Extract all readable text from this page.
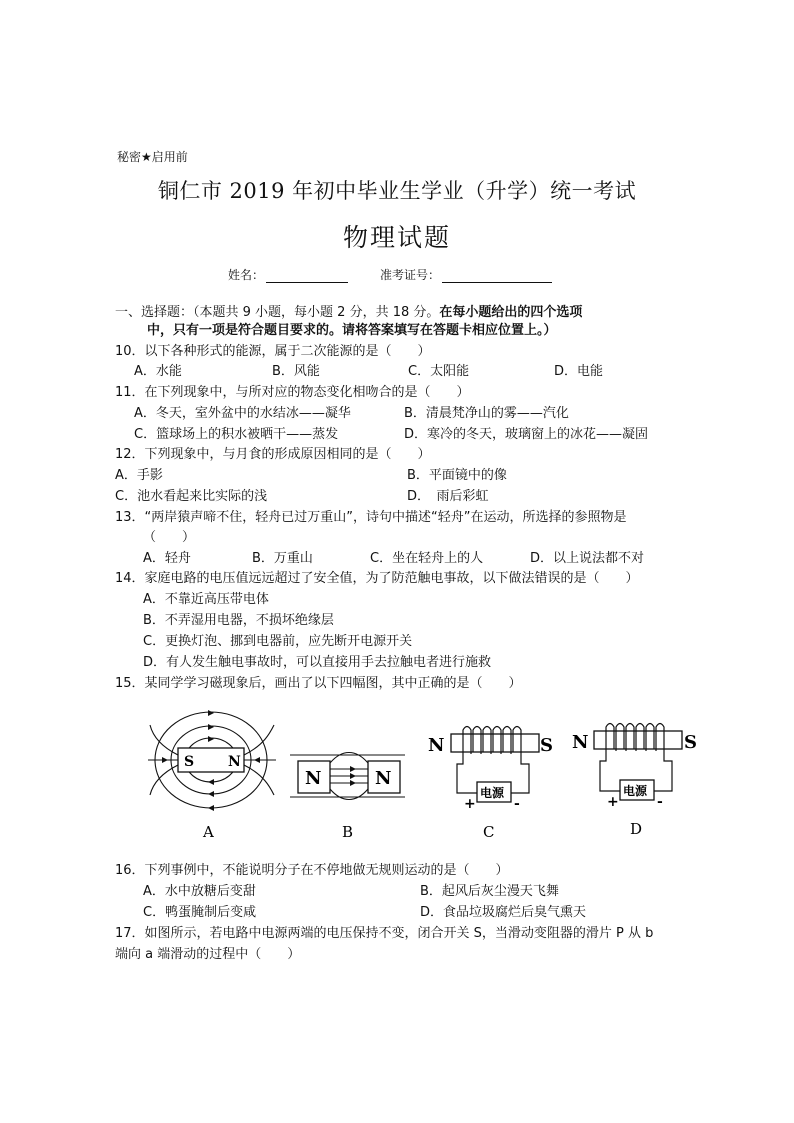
秘密★启用前
铜仁市 2019 年初中毕业生学业（升学）统一考试
物理试题
姓名：	准考证号：
一、选择题：（本题共 9 小题，每小题 2 分，共 18 分。在每小题给出的四个选项
中，只有一项是符合题目要求的。请将答案填写在答题卡相应位置上。）
10．以下各种形式的能源，属于二次能源的是（　　）
A．水能	B．风能	C．太阳能	D．电能
11．在下列现象中，与所对应的物态变化相吻合的是（　　）
A．冬天，室外盆中的水结冰——凝华	B．清晨梵净山的雾——汽化
C．篮球场上的积水被晒干——蒸发	D．寒冷的冬天，玻璃窗上的冰花——凝固
12．下列现象中，与月食的形成原因相同的是（　　）
A．手影	B．平面镜中的像
C．池水看起来比实际的浅	D．　雨后彩虹
13．“两岸猿声啼不住，轻舟已过万重山”，诗句中描述“轻舟”在运动，所选择的参照物是
（　　）
A．轻舟	B．万重山	C．坐在轻舟上的人	D．以上说法都不对
14．家庭电路的电压值远远超过了安全值，为了防范触电事故，以下做法错误的是（　　）
A．不靠近高压带电体
B．不弄湿用电器，不损坏绝缘层
C．更换灯泡、挪到电器前，应先断开电源开关
D．有人发生触电事故时，可以直接用手去拉触电者进行施救
15．某同学学习磁现象后，画出了以下四幅图，其中正确的是（　　）
S N
A
N	N
B
电源
+	-
N	S
C
电源
+	-
N	S
D
16．下列事例中，不能说明分子在不停地做无规则运动的是（　　）
A．水中放糖后变甜	B．起风后灰尘漫天飞舞
C．鸭蛋腌制后变咸	D．食品垃圾腐烂后臭气熏天
17．如图所示，若电路中电源两端的电压保持不变，闭合开关 S，当滑动变阻器的滑片 P 从 b
端向 a 端滑动的过程中（　　）
